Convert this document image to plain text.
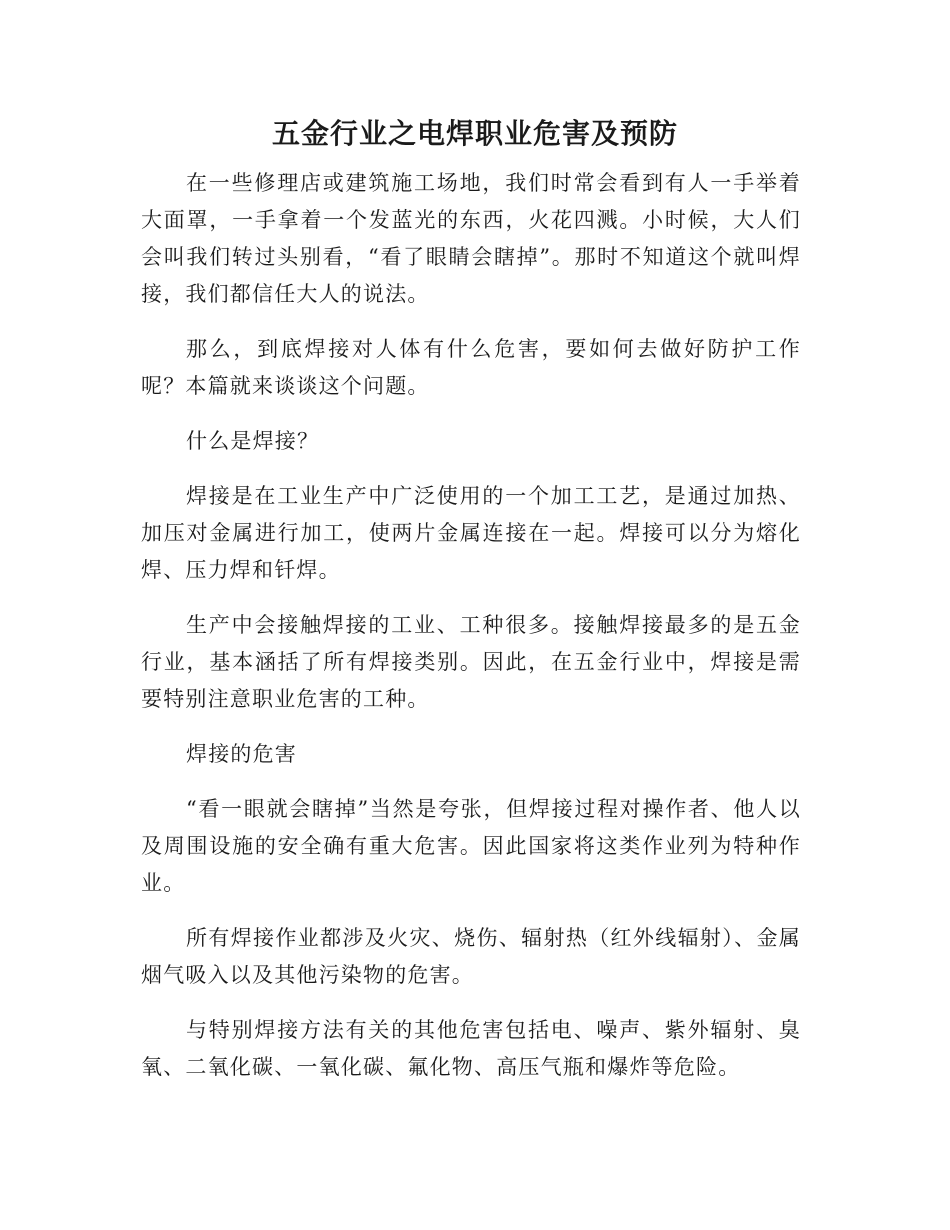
五金行业之电焊职业危害及预防

在一些修理店或建筑施工场地，我们时常会看到有人一手举着大面罩，一手拿着一个发蓝光的东西，火花四溅。小时候，大人们会叫我们转过头别看，“看了眼睛会瞎掉”。那时不知道这个就叫焊接，我们都信任大人的说法。

那么，到底焊接对人体有什么危害，要如何去做好防护工作呢？本篇就来谈谈这个问题。

什么是焊接？

焊接是在工业生产中广泛使用的一个加工工艺，是通过加热、加压对金属进行加工，使两片金属连接在一起。焊接可以分为熔化焊、压力焊和钎焊。

生产中会接触焊接的工业、工种很多。接触焊接最多的是五金行业，基本涵括了所有焊接类别。因此，在五金行业中，焊接是需要特别注意职业危害的工种。

焊接的危害

“看一眼就会瞎掉”当然是夸张，但焊接过程对操作者、他人以及周围设施的安全确有重大危害。因此国家将这类作业列为特种作业。

所有焊接作业都涉及火灾、烧伤、辐射热（红外线辐射）、金属烟气吸入以及其他污染物的危害。

与特别焊接方法有关的其他危害包括电、噪声、紫外辐射、臭氧、二氧化碳、一氧化碳、氟化物、高压气瓶和爆炸等危险。
